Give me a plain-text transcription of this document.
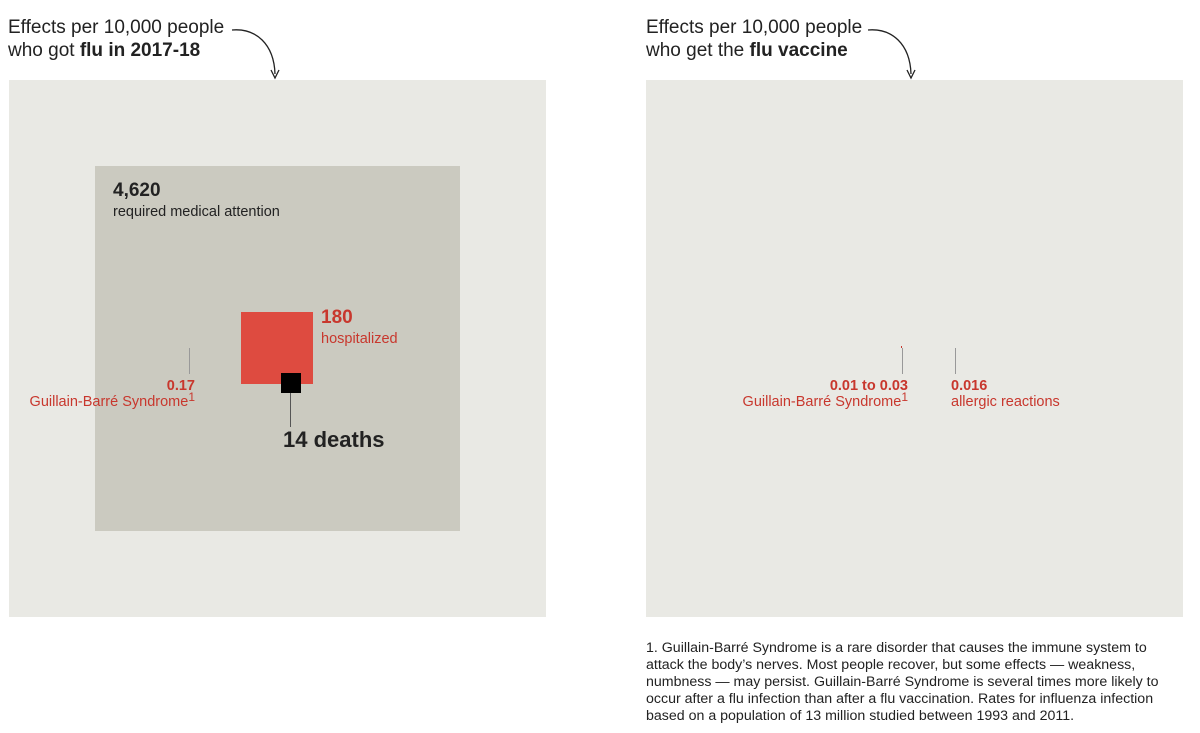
Effects per 10,000 people
who got flu in 2017-18
4,620
required medical attention
180
hospitalized
14 deaths
0.17
Guillain-Barré Syndrome$^1$
Effects per 10,000 people
who get the flu vaccine
0.01 to 0.03
Guillain-Barré Syndrome$^1$
0.016
allergic reactions
1. Guillain-Barré Syndrome is a rare disorder that causes the immune system to attack the body’s nerves. Most people recover, but some effects — weakness, numbness — may persist. Guillain-Barré Syndrome is several times more likely to occur after a flu infection than after a flu vaccination. Rates for influenza infection based on a population of 13 million studied between 1993 and 2011.
